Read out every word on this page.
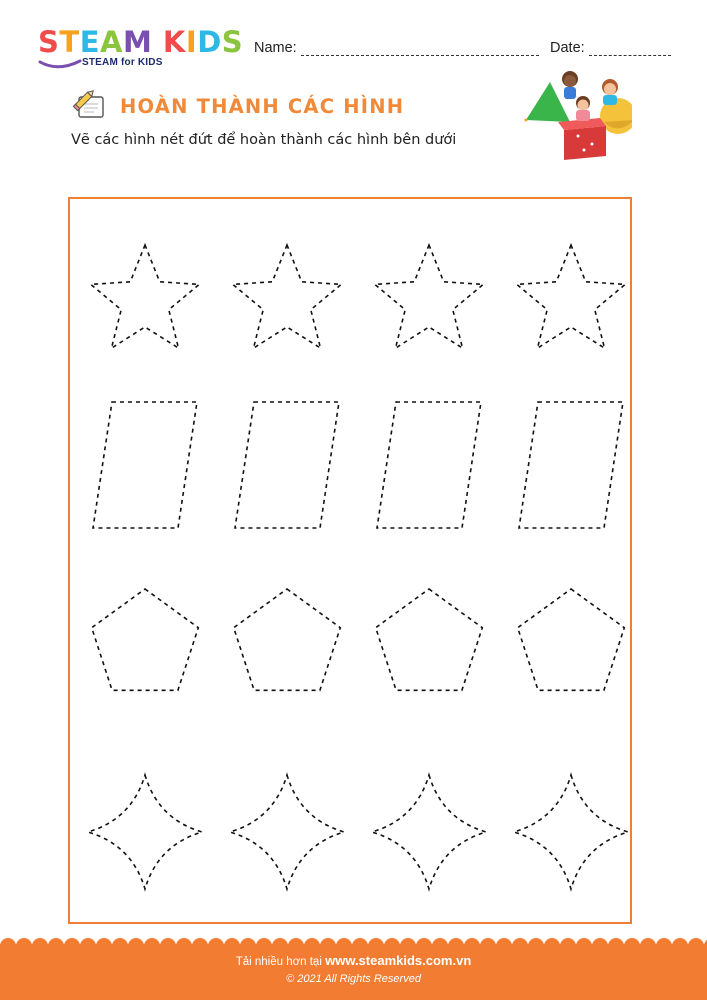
S T E A M
K I D S
STEAM for KIDS
Name:	Date:
HOÀN THÀNH CÁC HÌNH
Vẽ các hình nét đứt để hoàn thành các hình bên dưới
Tải nhiều hơn tại www.steamkids.com.vn
© 2021 All Rights Reserved
